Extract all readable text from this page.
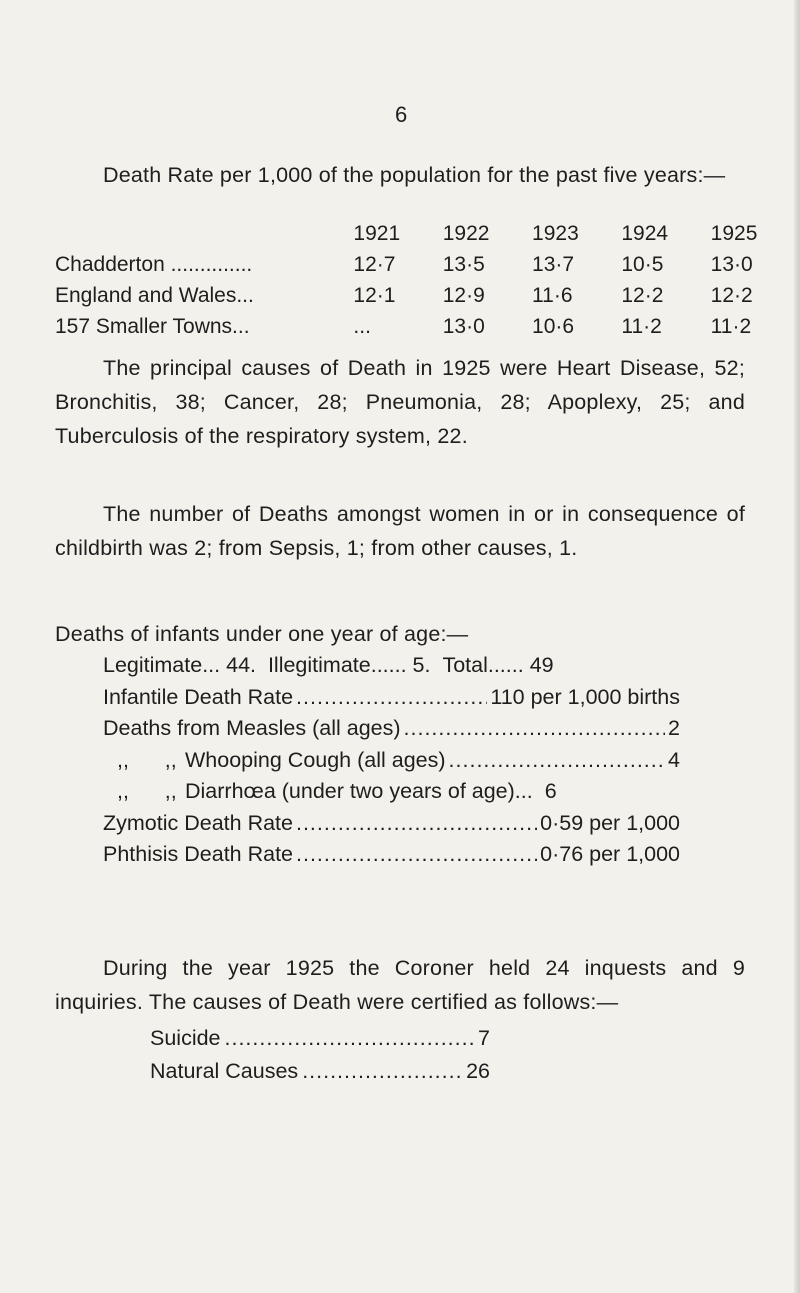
6
Death Rate per 1,000 of the population for the past five years:—
	1921	1922	1923	1924	1925
Chadderton ..............	12·7	13·5	13·7	10·5	13·0
England and Wales...	12·1	12·9	11·6	12·2	12·2
157 Smaller Towns...	...	13·0	10·6	11·2	11·2
The principal causes of Death in 1925 were Heart Disease, 52; Bronchitis, 38; Cancer, 28; Pneumonia, 28; Apoplexy, 25; and Tuberculosis of the respiratory system, 22.
The number of Deaths amongst women in or in consequence of childbirth was 2; from Sepsis, 1; from other causes, 1.
Deaths of infants under one year of age:—
Legitimate... 44. Illegitimate...... 5. Total...... 49
Infantile Death Rate .....	110 per 1,000 births
Deaths from Measles (all ages) .....	2
,,      ,, Whooping Cough (all ages) .....	4
,,      ,, Diarrhœa (under two years of age)... 6
Zymotic Death Rate .....	0·59 per 1,000
Phthisis Death Rate .....	0·76 per 1,000
During the year 1925 the Coroner held 24 inquests and 9 inquiries. The causes of Death were certified as follows:—
Suicide .....	7
Natural Causes .....	26
